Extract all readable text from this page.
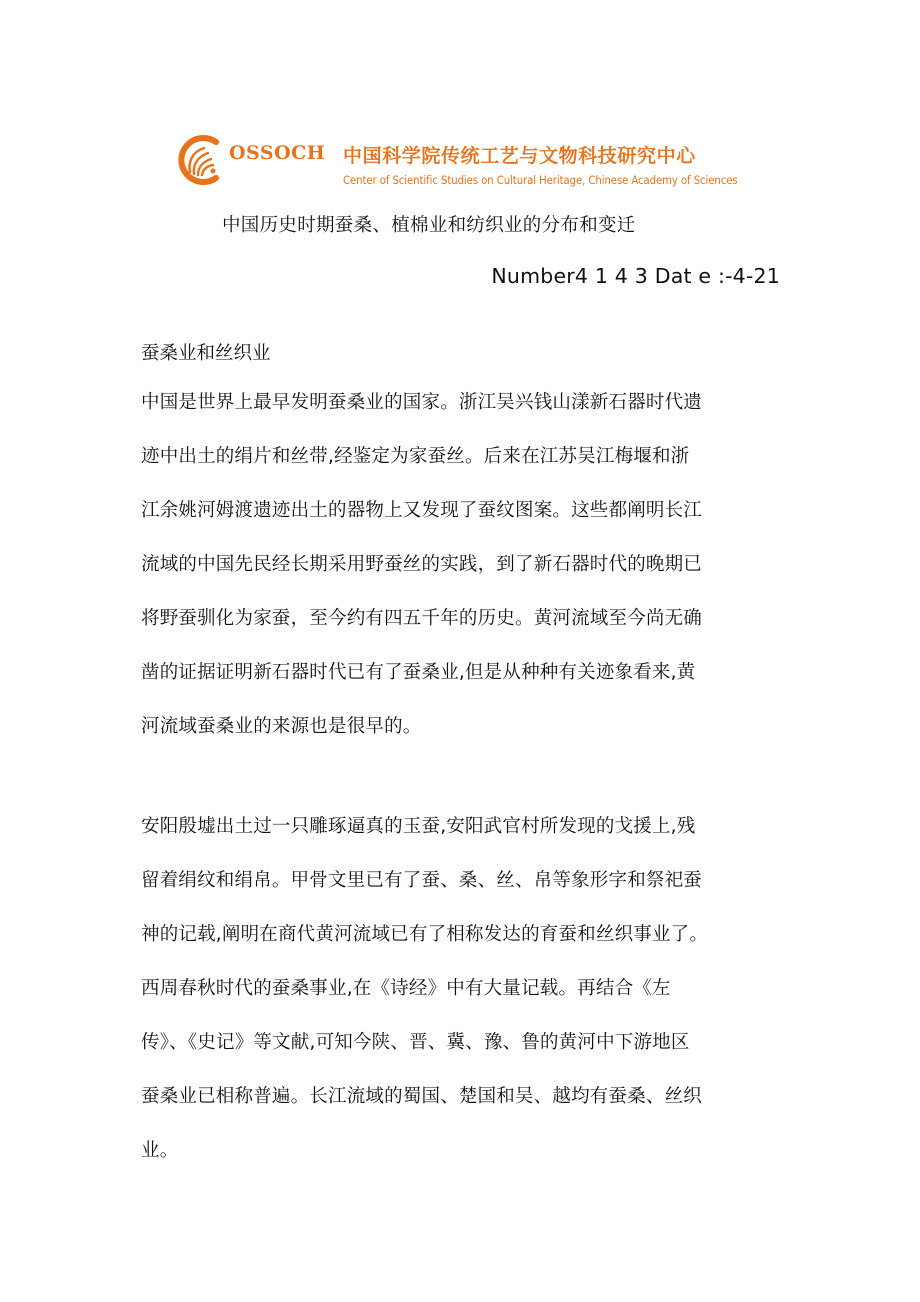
OSSOCH 中国科学院传统工艺与文物科技研究中心
Center of Scientific Studies on Cultural Heritage, Chinese Academy of Sciences
中国历史时期蚕桑、植棉业和纺织业的分布和变迁
Number4 1 4 3 Dat e :-4-21
蚕桑业和丝织业
中国是世界上最早发明蚕桑业的国家。浙江吴兴钱山漾新石器时代遗
迹中出土的绢片和丝带,经鉴定为家蚕丝。后来在江苏吴江梅堰和浙
江余姚河姆渡遗迹出土的器物上又发现了蚕纹图案。这些都阐明长江
流域的中国先民经长期采用野蚕丝的实践，到了新石器时代的晚期已
将野蚕驯化为家蚕，至今约有四五千年的历史。黄河流域至今尚无确
凿的证据证明新石器时代已有了蚕桑业,但是从种种有关迹象看来,黄
河流域蚕桑业的来源也是很早的。
安阳殷墟出土过一只雕琢逼真的玉蚕,安阳武官村所发现的戈援上,残
留着绢纹和绢帛。甲骨文里已有了蚕、桑、丝、帛等象形字和祭祀蚕
神的记载,阐明在商代黄河流域已有了相称发达的育蚕和丝织事业了。
西周春秋时代的蚕桑事业,在《诗经》中有大量记载。再结合《左
传》、《史记》等文献,可知今陕、晋、冀、豫、鲁的黄河中下游地区
蚕桑业已相称普遍。长江流域的蜀国、楚国和吴、越均有蚕桑、丝织
业。
